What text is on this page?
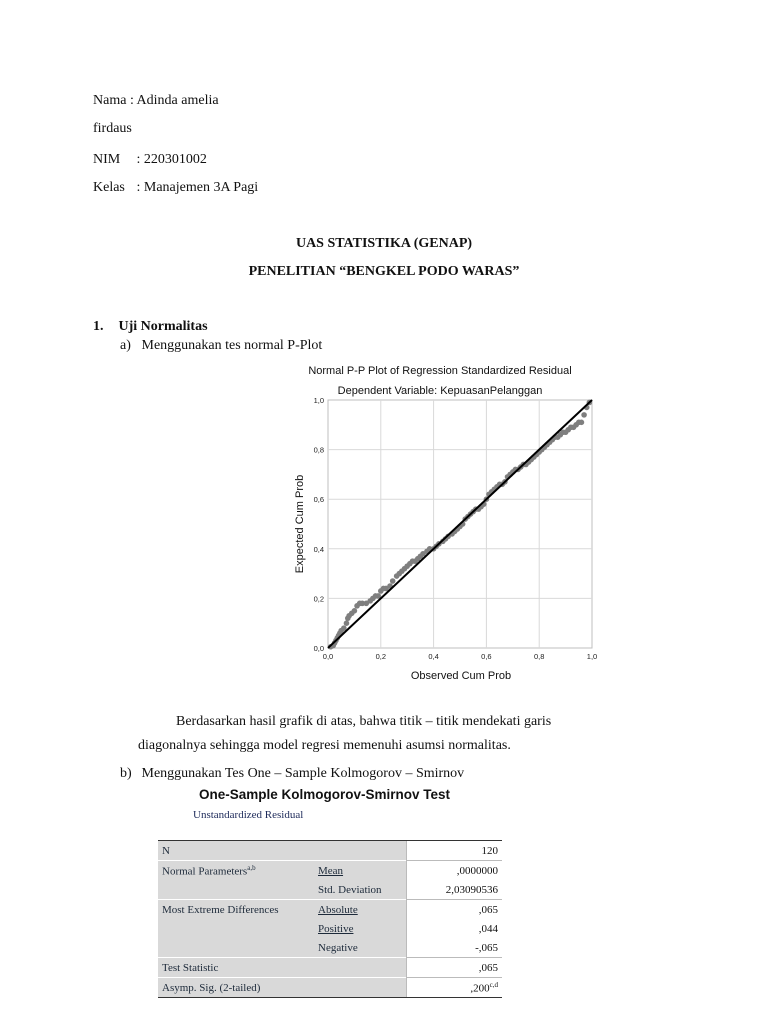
Nama : Adinda amelia
firdaus
NIM : 220301002
Kelas : Manajemen 3A Pagi
UAS STATISTIKA (GENAP)
PENELITIAN “BENGKEL PODO WARAS”
1. Uji Normalitas
a) Menggunakan tes normal P-Plot
Normal P-P Plot of Regression Standardized Residual
Dependent Variable: KepuasanPelanggan
0,0
0,0
0,2
0,2
0,4
0,4
0,6
0,6
0,8
0,8
1,0
1,0
Observed Cum Prob
Expected Cum Prob
Berdasarkan hasil grafik di atas, bahwa titik – titik mendekati garis
diagonalnya sehingga model regresi memenuhi asumsi normalitas.
b) Menggunakan Tes One – Sample Kolmogorov – Smirnov
One-Sample Kolmogorov-Smirnov Test
Unstandardized Residual
N		120
Normal Parameters$^{a,b}$	Mean	,0000000
	Std. Deviation	2,03090536
Most Extreme Differences	Absolute	,065
	Positive	,044
	Negative	-,065
Test Statistic		,065
Asymp. Sig. (2-tailed)		,200$^{c,d}$
